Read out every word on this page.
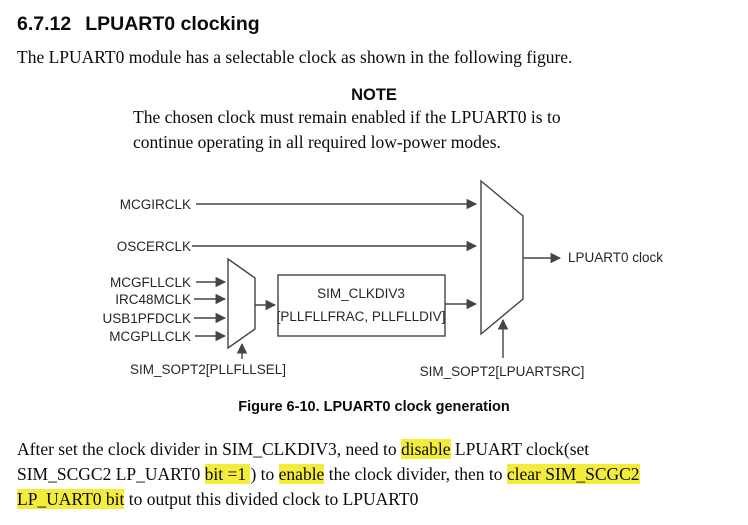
6.7.12 LPUART0 clocking

The LPUART0 module has a selectable clock as shown in the following figure.

NOTE
The chosen clock must remain enabled if the LPUART0 is to
continue operating in all required low-power modes.
MCGIRCLK
OSCERCLK
MCGFLLCLK
IRC48MCLK
USB1PFDCLK
MCGPLLCLK
SIM_CLKDIV3
[PLLFLLFRAC, PLLFLLDIV]
LPUART0 clock
SIM_SOPT2[PLLFLLSEL]	SIM_SOPT2[LPUARTSRC]
Figure 6-10. LPUART0 clock generation
After set the clock divider in SIM_CLKDIV3, need to disable LPUART clock(set
SIM_SCGC2 LP_UART0 bit =1 ) to enable the clock divider, then to clear SIM_SCGC2
LP_UART0 bit to output this divided clock to LPUART0
